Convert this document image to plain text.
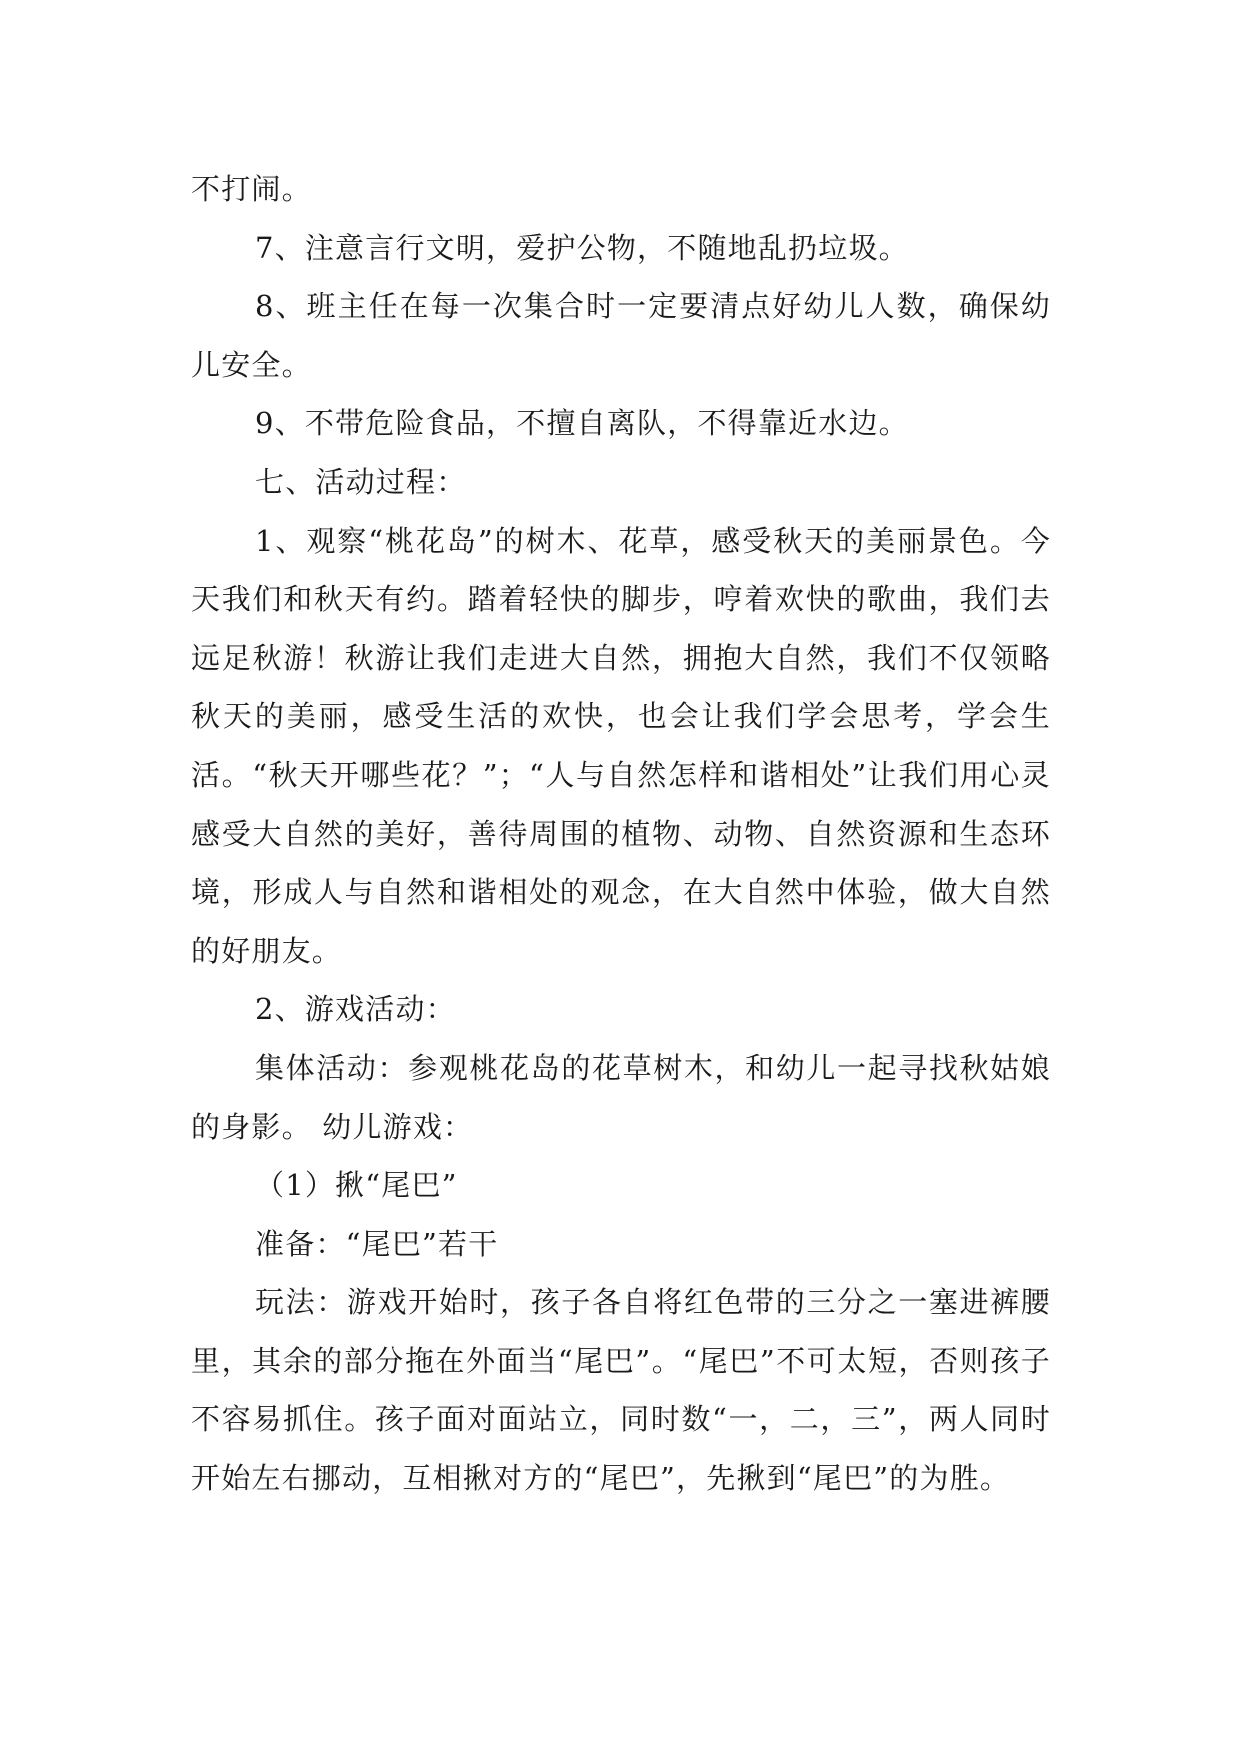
不打闹。

7、注意言行文明，爱护公物，不随地乱扔垃圾。

8、班主任在每一次集合时一定要清点好幼儿人数，确保幼儿安全。

9、不带危险食品，不擅自离队，不得靠近水边。

七、活动过程：

1、观察“桃花岛”的树木、花草，感受秋天的美丽景色。今天我们和秋天有约。踏着轻快的脚步，哼着欢快的歌曲，我们去远足秋游！秋游让我们走进大自然，拥抱大自然，我们不仅领略秋天的美丽，感受生活的欢快，也会让我们学会思考，学会生活。“秋天开哪些花？”；“人与自然怎样和谐相处”让我们用心灵感受大自然的美好，善待周围的植物、动物、自然资源和生态环境，形成人与自然和谐相处的观念，在大自然中体验，做大自然的好朋友。

2、游戏活动：

集体活动：参观桃花岛的花草树木，和幼儿一起寻找秋姑娘的身影。 幼儿游戏：

（1）揪“尾巴”

准备：“尾巴”若干

玩法：游戏开始时，孩子各自将红色带的三分之一塞进裤腰里，其余的部分拖在外面当“尾巴”。“尾巴”不可太短，否则孩子不容易抓住。孩子面对面站立，同时数“一，二，三”，两人同时开始左右挪动，互相揪对方的“尾巴”，先揪到“尾巴”的为胜。
